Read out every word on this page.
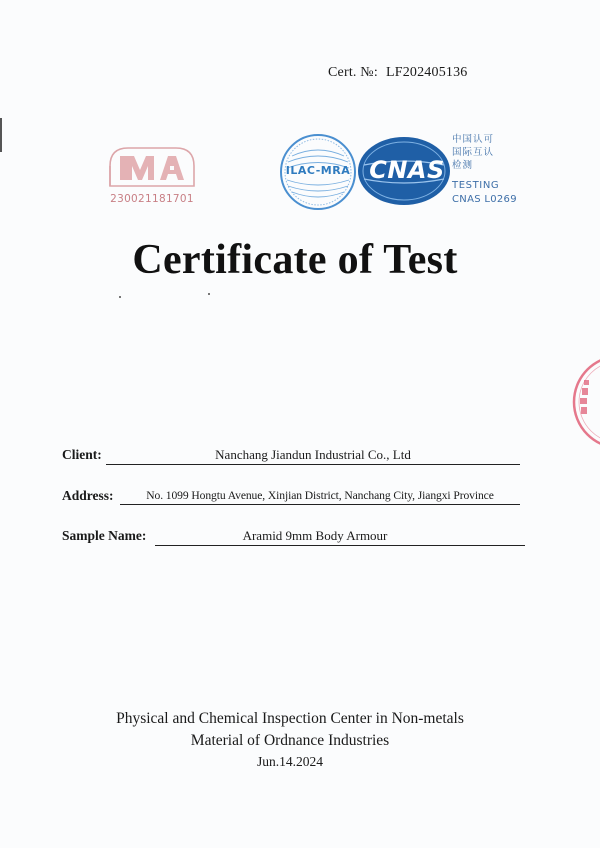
Cert. №: LF202405136
230021181701
ILAC-MRA CNAS
中国认可
国际互认
检测
TESTING
CNAS L0269
Certificate of Test
Client:	Nanchang Jiandun Industrial Co., Ltd
Address:	No. 1099 Hongtu Avenue, Xinjian District, Nanchang City, Jiangxi Province
Sample Name:	Aramid 9mm Body Armour
Physical and Chemical Inspection Center in Non-metals
Material of Ordnance Industries
Jun.14.2024
